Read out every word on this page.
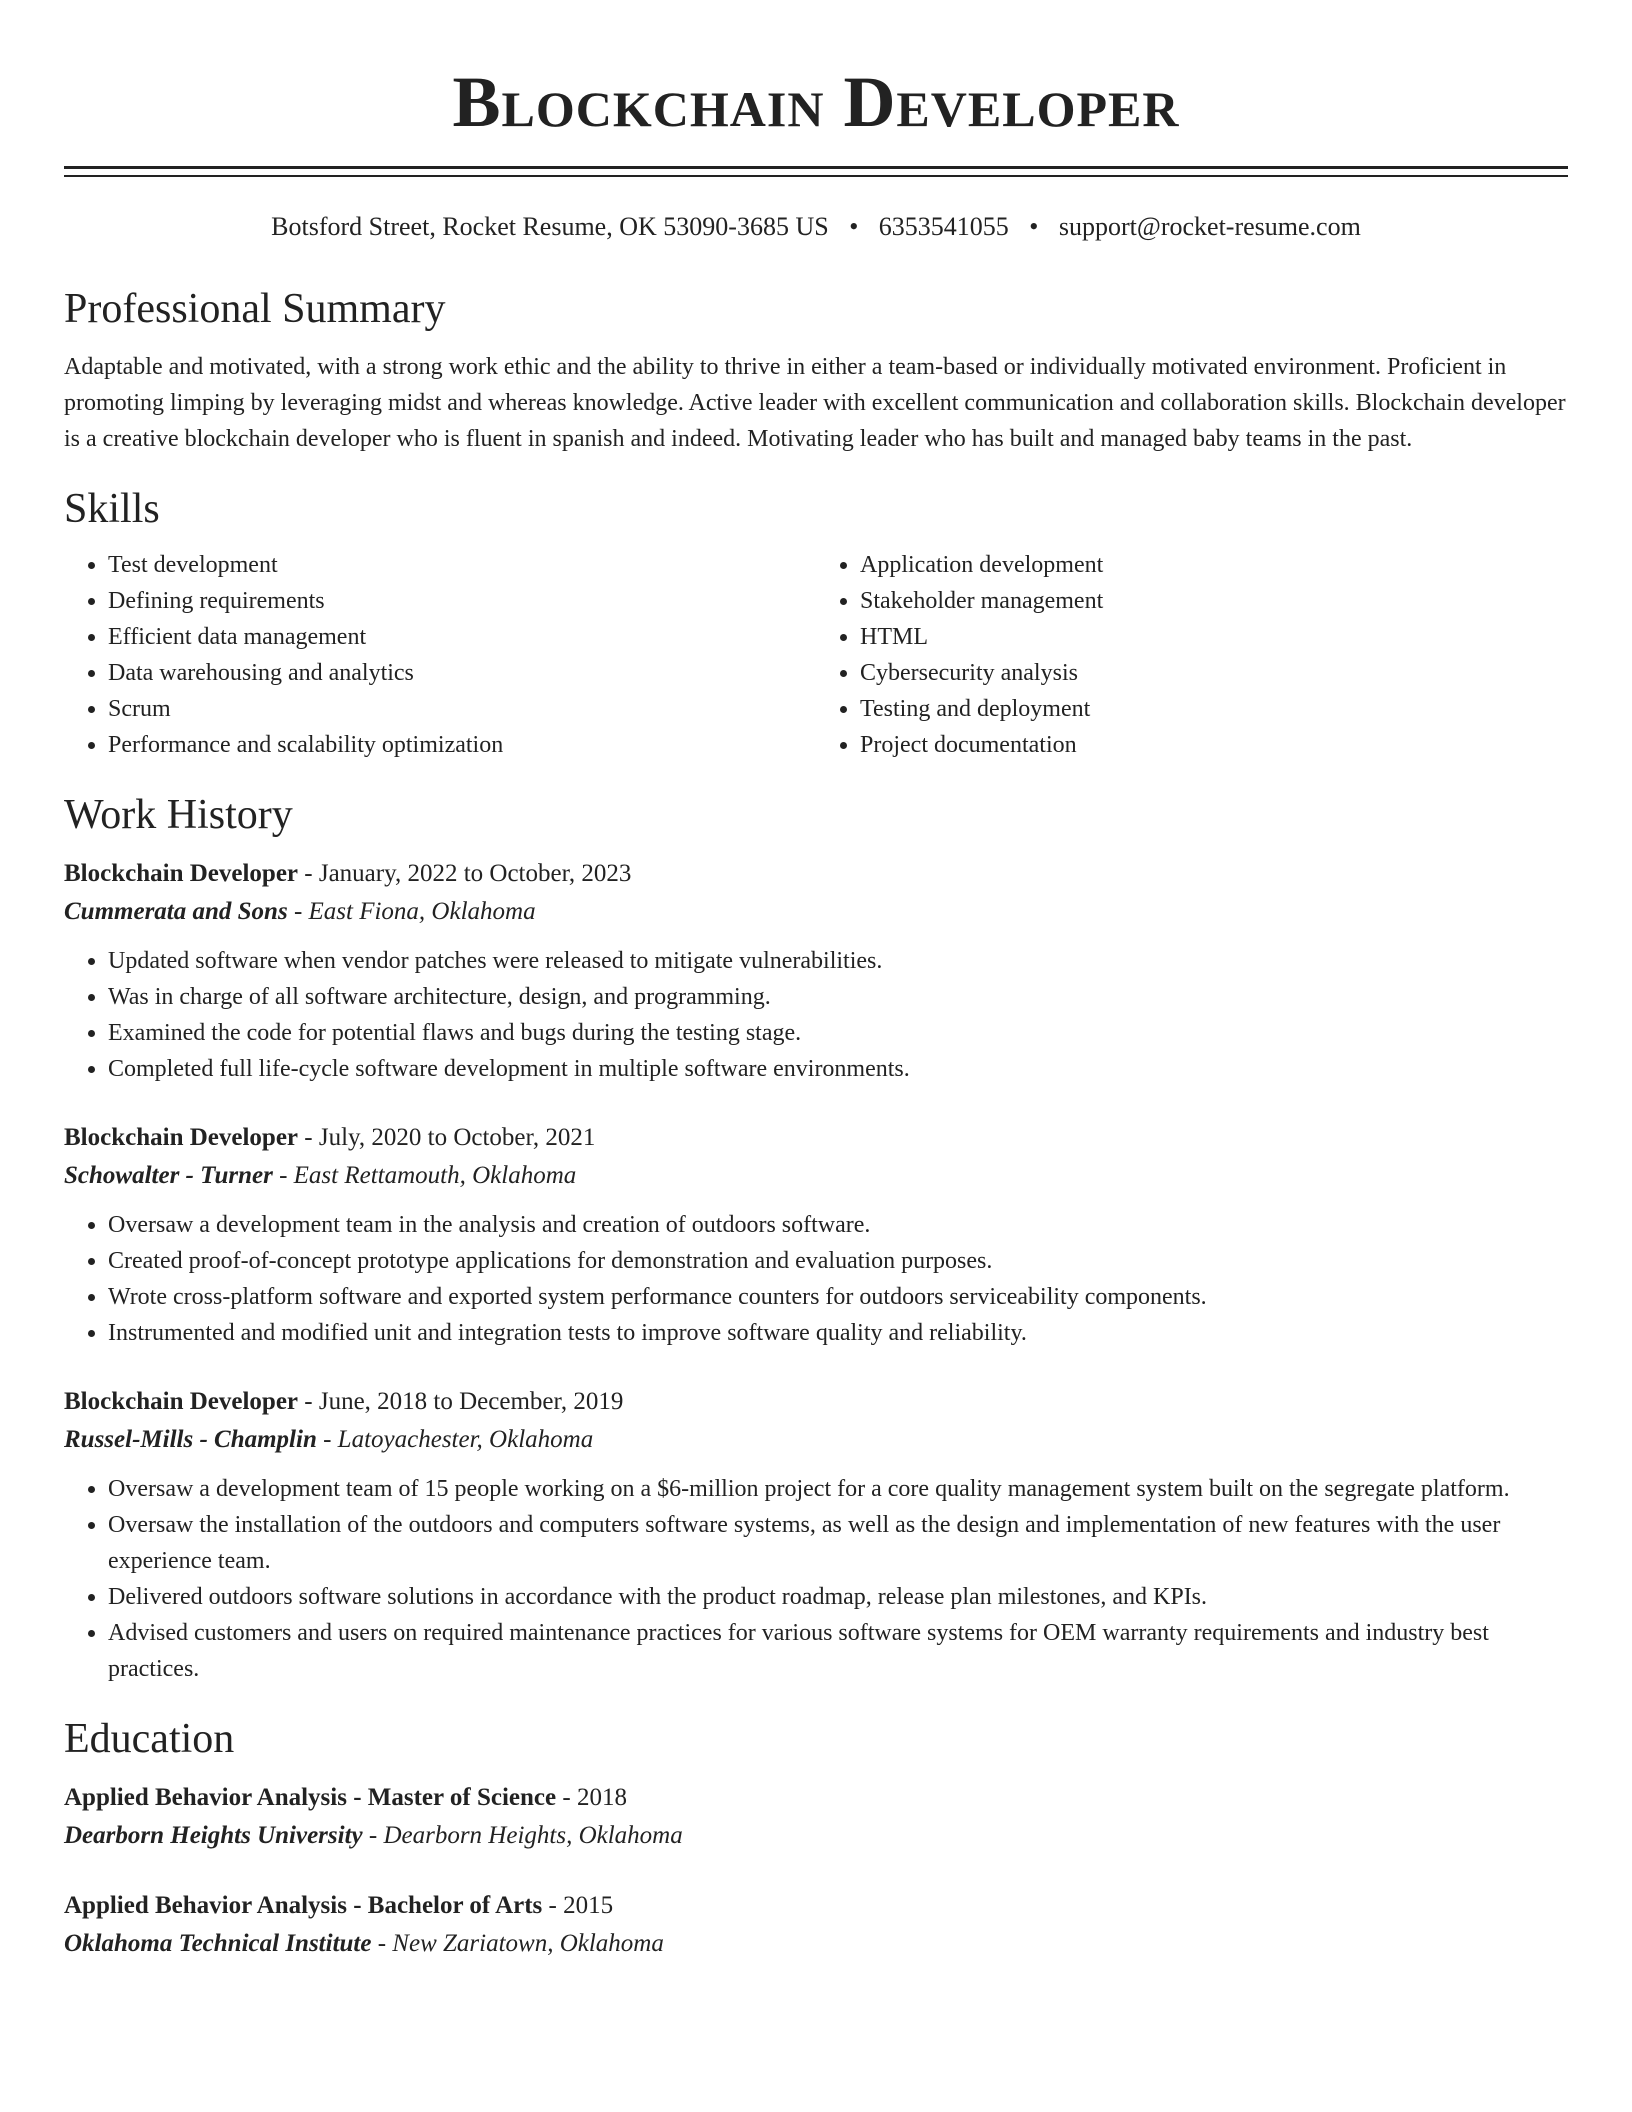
Blockchain Developer
Botsford Street, Rocket Resume, OK 53090-3685 US • 6353541055 • support@rocket-resume.com
Professional Summary

Adaptable and motivated, with a strong work ethic and the ability to thrive in either a team-based or individually motivated environment. Proficient in promoting limping by leveraging midst and whereas knowledge. Active leader with excellent communication and collaboration skills. Blockchain developer is a creative blockchain developer who is fluent in spanish and indeed. Motivating leader who has built and managed baby teams in the past.

Skills
• Test development
• Defining requirements
• Efficient data management
• Data warehousing and analytics
• Scrum
• Performance and scalability optimization
• Application development
• Stakeholder management
• HTML
• Cybersecurity analysis
• Testing and deployment
• Project documentation
Work History
Blockchain Developer - January, 2022 to October, 2023
Cummerata and Sons - East Fiona, Oklahoma
• Updated software when vendor patches were released to mitigate vulnerabilities.
• Was in charge of all software architecture, design, and programming.
• Examined the code for potential flaws and bugs during the testing stage.
• Completed full life-cycle software development in multiple software environments.
Blockchain Developer - July, 2020 to October, 2021
Schowalter - Turner - East Rettamouth, Oklahoma
• Oversaw a development team in the analysis and creation of outdoors software.
• Created proof-of-concept prototype applications for demonstration and evaluation purposes.
• Wrote cross-platform software and exported system performance counters for outdoors serviceability components.
• Instrumented and modified unit and integration tests to improve software quality and reliability.
Blockchain Developer - June, 2018 to December, 2019
Russel-Mills - Champlin - Latoyachester, Oklahoma
• Oversaw a development team of 15 people working on a $6-million project for a core quality management system built on the segregate platform.
• Oversaw the installation of the outdoors and computers software systems, as well as the design and implementation of new features with the user experience team.
• Delivered outdoors software solutions in accordance with the product roadmap, release plan milestones, and KPIs.
• Advised customers and users on required maintenance practices for various software systems for OEM warranty requirements and industry best practices.
Education
Applied Behavior Analysis - Master of Science - 2018
Dearborn Heights University - Dearborn Heights, Oklahoma
Applied Behavior Analysis - Bachelor of Arts - 2015
Oklahoma Technical Institute - New Zariatown, Oklahoma
